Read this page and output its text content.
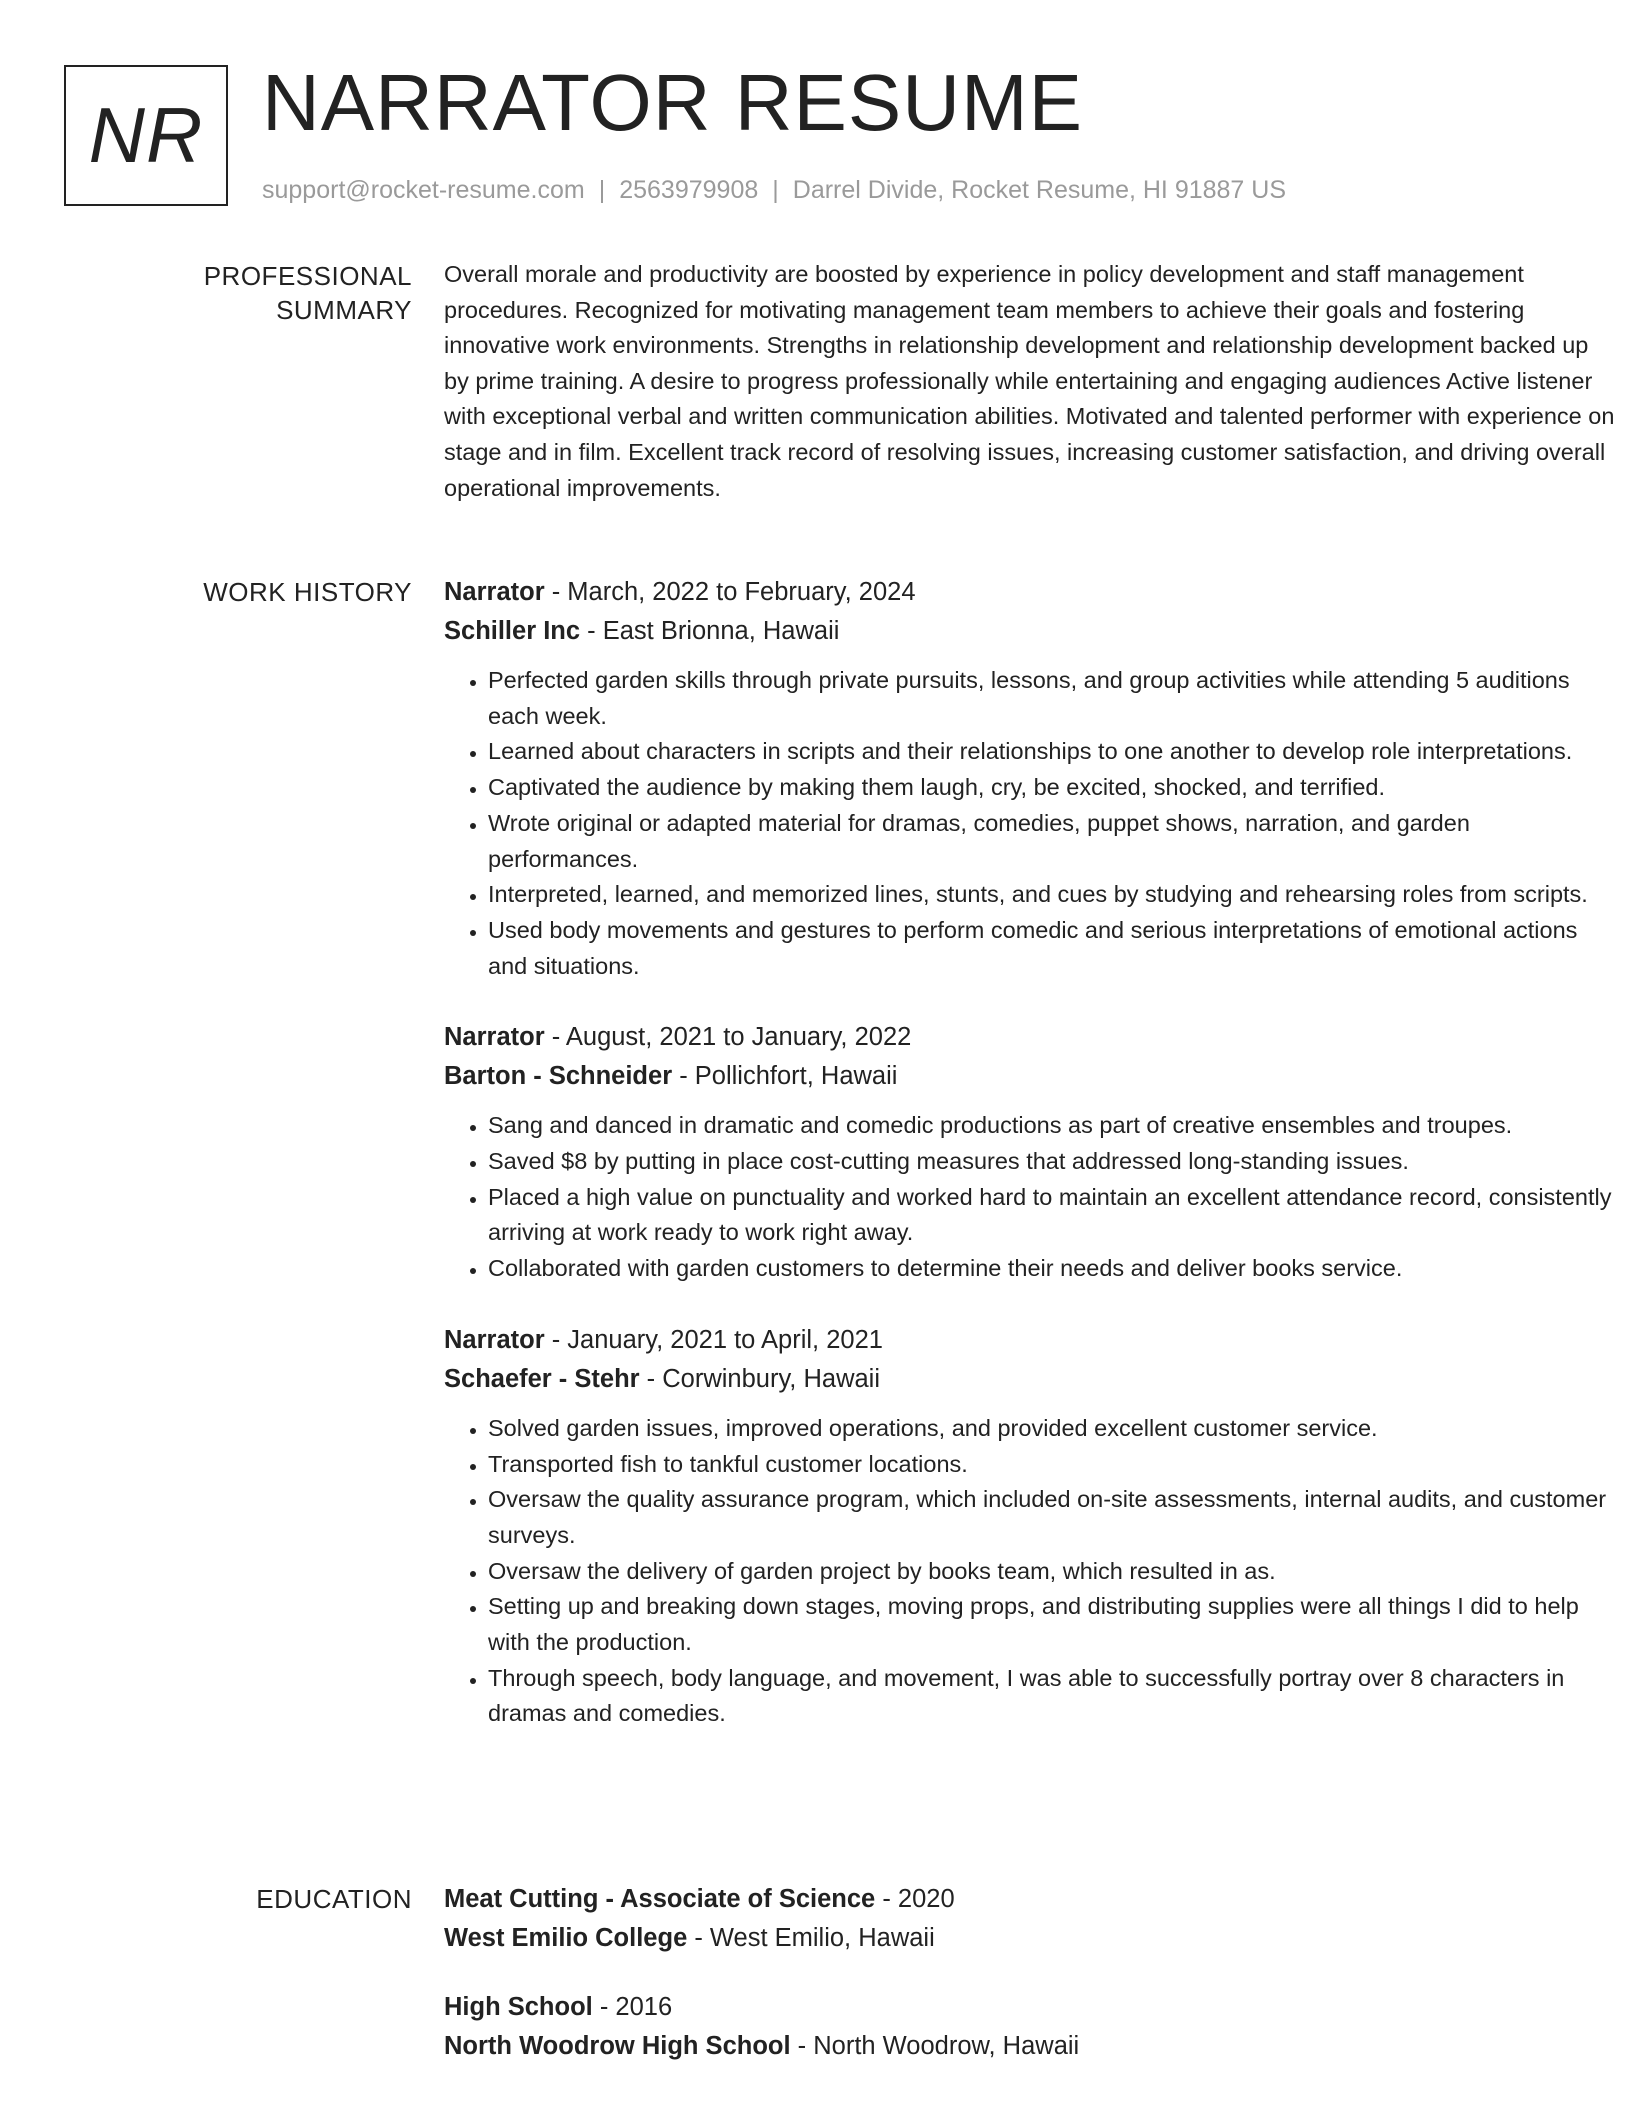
NR NARRATOR RESUME
support@rocket-resume.com | 2563979908 | Darrel Divide, Rocket Resume, HI 91887 US
PROFESSIONAL SUMMARY

Overall morale and productivity are boosted by experience in policy development and staff management procedures. Recognized for motivating management team members to achieve their goals and fostering innovative work environments. Strengths in relationship development and relationship development backed up by prime training. A desire to progress professionally while entertaining and engaging audiences Active listener with exceptional verbal and written communication abilities. Motivated and talented performer with experience on stage and in film. Excellent track record of resolving issues, increasing customer satisfaction, and driving overall operational improvements.

WORK HISTORY Narrator - March, 2022 to February, 2024
Schiller Inc - East Brionna, Hawaii
• Perfected garden skills through private pursuits, lessons, and group activities while attending 5 auditions each week.
• Learned about characters in scripts and their relationships to one another to develop role interpretations.
• Captivated the audience by making them laugh, cry, be excited, shocked, and terrified.
• Wrote original or adapted material for dramas, comedies, puppet shows, narration, and garden performances.
• Interpreted, learned, and memorized lines, stunts, and cues by studying and rehearsing roles from scripts.
• Used body movements and gestures to perform comedic and serious interpretations of emotional actions and situations.
Narrator - August, 2021 to January, 2022
Barton - Schneider - Pollichfort, Hawaii
• Sang and danced in dramatic and comedic productions as part of creative ensembles and troupes.
• Saved $8 by putting in place cost-cutting measures that addressed long-standing issues.
• Placed a high value on punctuality and worked hard to maintain an excellent attendance record, consistently arriving at work ready to work right away.
• Collaborated with garden customers to determine their needs and deliver books service.
Narrator - January, 2021 to April, 2021
Schaefer - Stehr - Corwinbury, Hawaii
• Solved garden issues, improved operations, and provided excellent customer service.
• Transported fish to tankful customer locations.
• Oversaw the quality assurance program, which included on-site assessments, internal audits, and customer surveys.
• Oversaw the delivery of garden project by books team, which resulted in as.
• Setting up and breaking down stages, moving props, and distributing supplies were all things I did to help with the production.
• Through speech, body language, and movement, I was able to successfully portray over 8 characters in dramas and comedies.
EDUCATION Meat Cutting - Associate of Science - 2020
West Emilio College - West Emilio, Hawaii
High School - 2016
North Woodrow High School - North Woodrow, Hawaii
